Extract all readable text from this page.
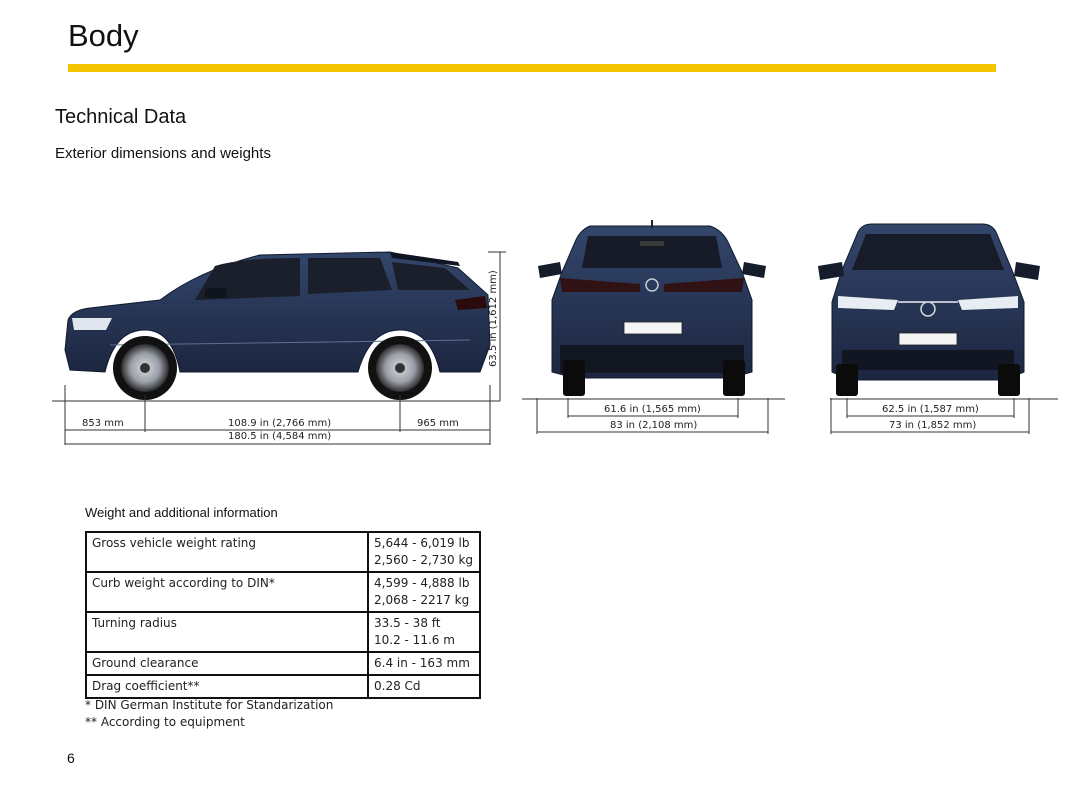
Body
Technical Data
Exterior dimensions and weights
853 mm	108.9 in (2,766 mm)	965 mm
180.5 in (4,584 mm)
63.5 in (1,612 mm)
61.6 in (1,565 mm)
83 in (2,108 mm)
62.5 in (1,587 mm)
73 in (1,852 mm)
Weight and additional information
Gross vehicle weight rating	5,644 - 6,019 lb
2,560 - 2,730 kg

Curb weight according to DIN*	4,599 - 4,888 lb
2,068 - 2217 kg

Turning radius	33.5 - 38 ft
10.2 - 11.6 m

Ground clearance	6.4 in - 163 mm

Drag coefficient**	0.28 Cd
* DIN German Institute for Standarization
** According to equipment
6
